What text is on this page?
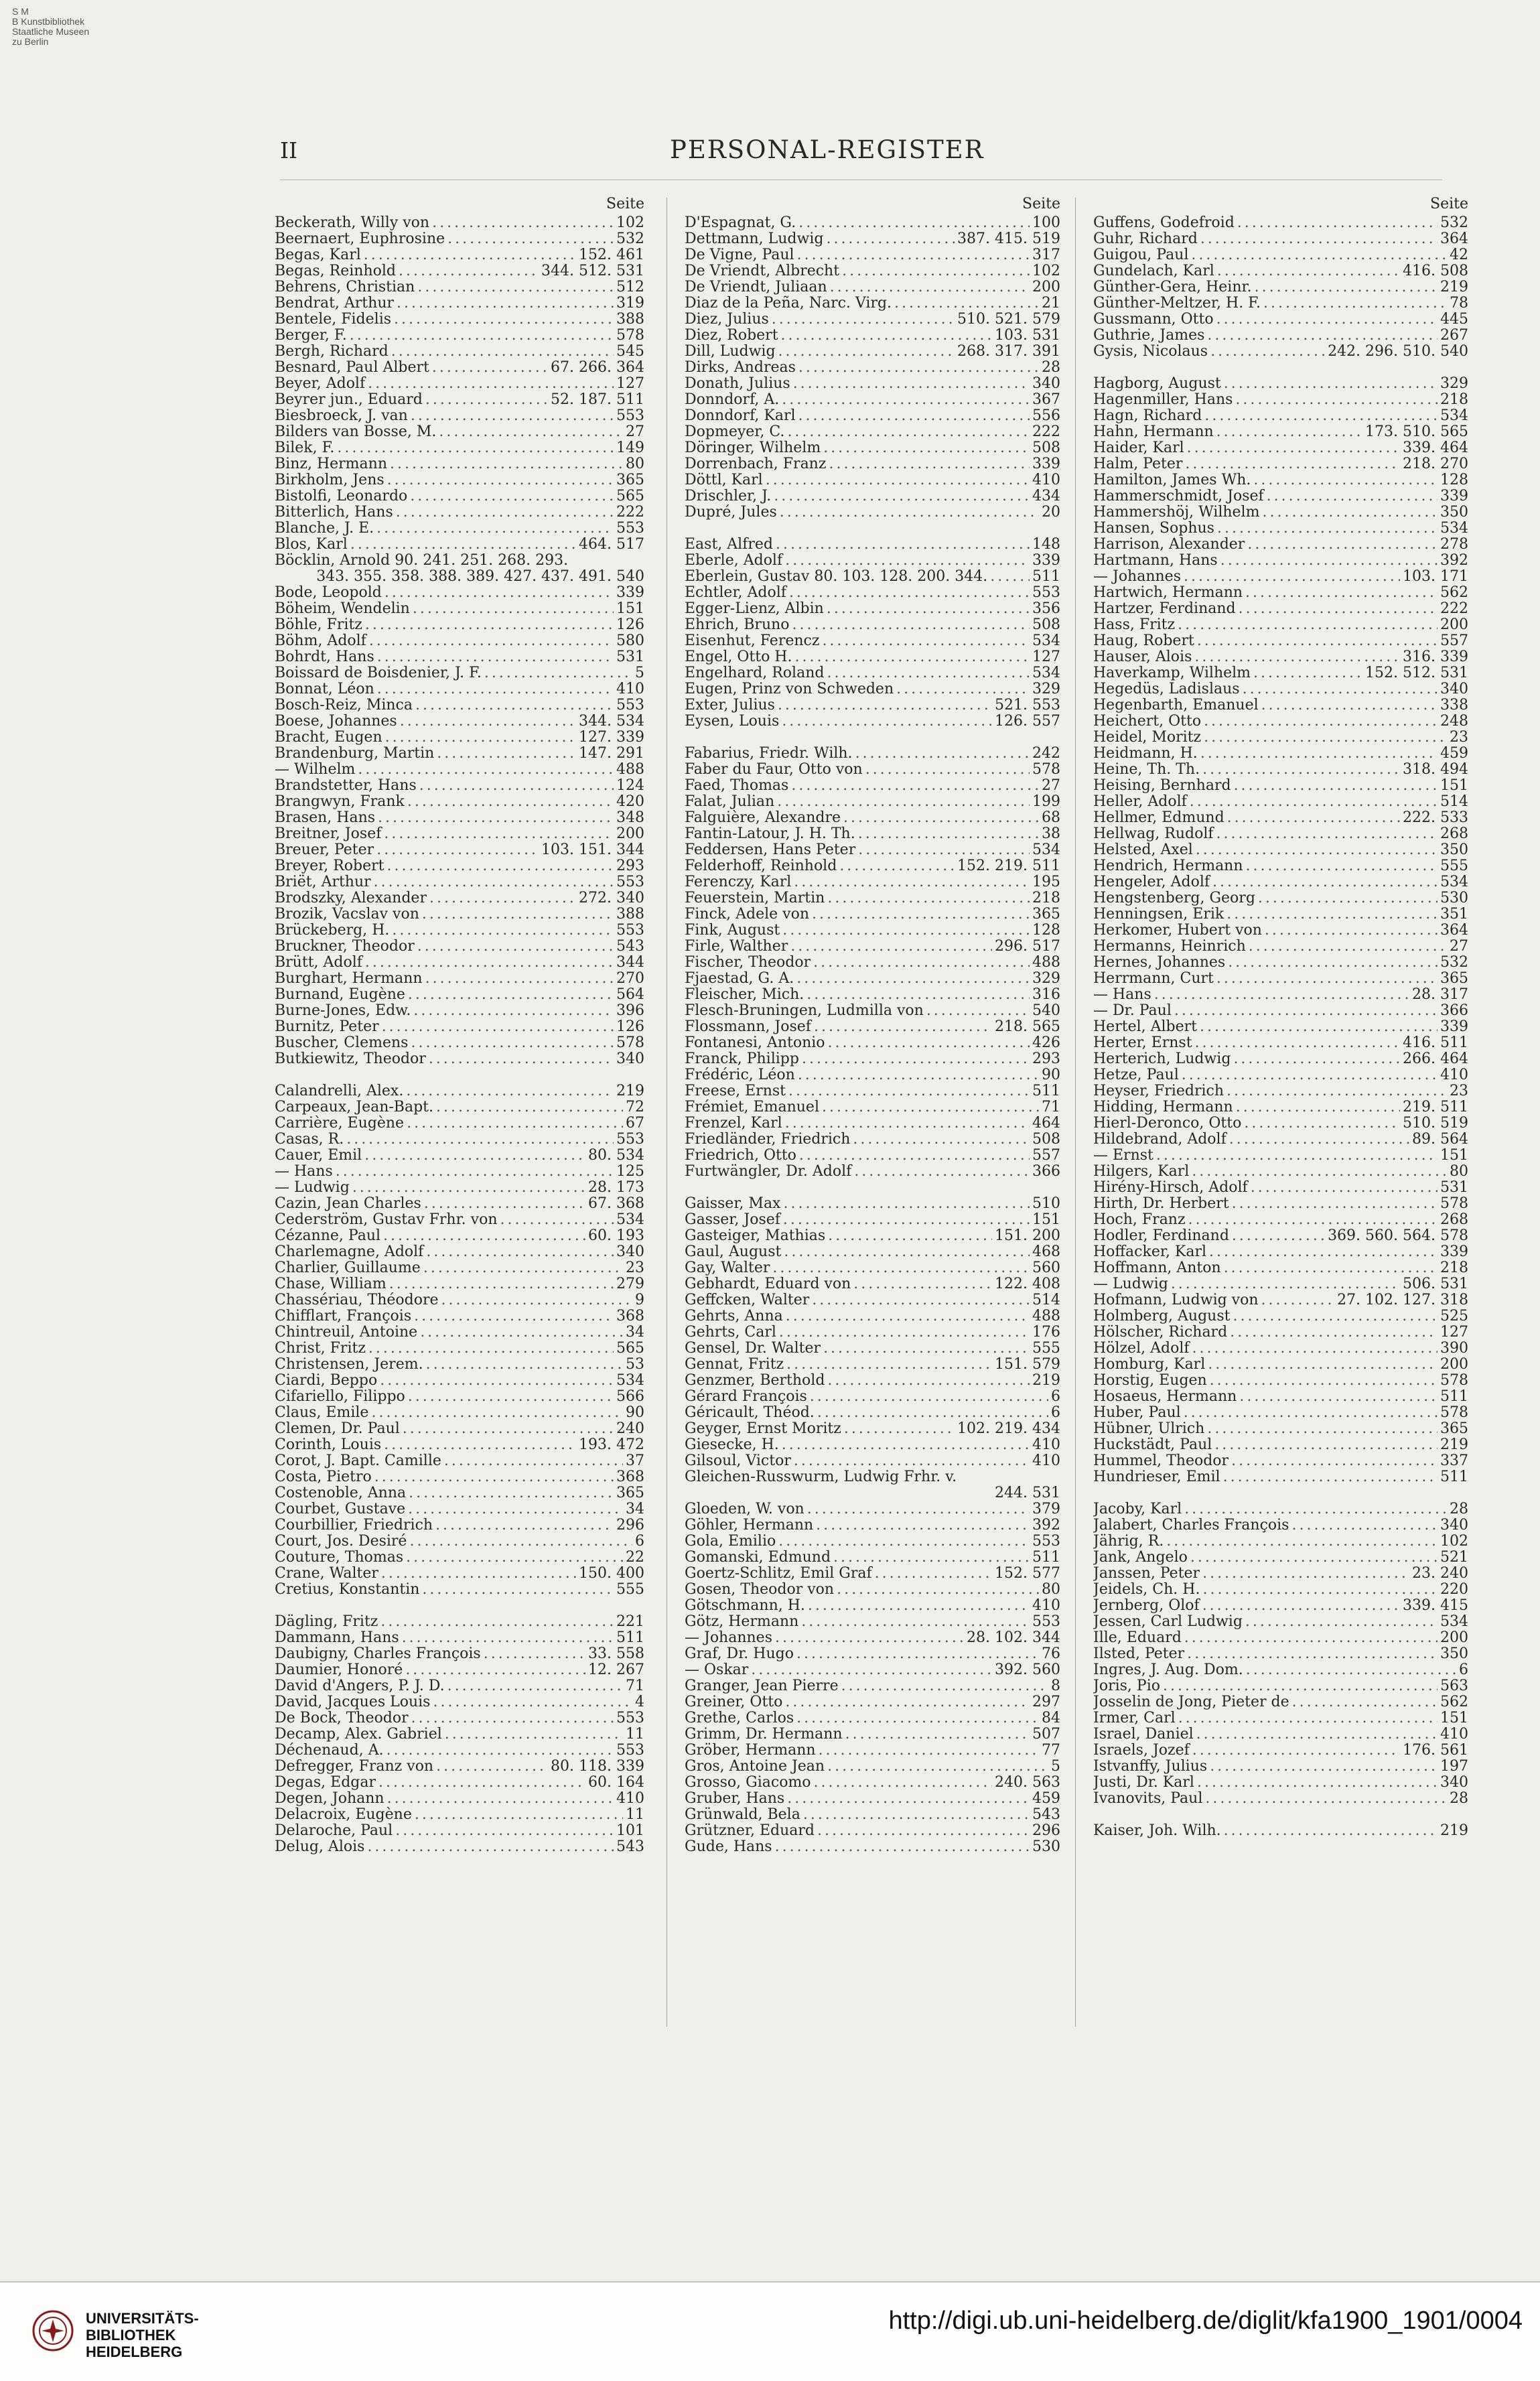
S M
B Kunstbibliothek
Staatliche Museen
zu Berlin
II	PERSONAL-REGISTER
Seite
Beckerath, Willy von .....	102
Beernaert, Euphrosine .....	532
Begas, Karl .....	152. 461
Begas, Reinhold .....	344. 512. 531
Behrens, Christian .....	512
Bendrat, Arthur .....	319
Bentele, Fidelis .....	388
Berger, F. .....	578
Bergh, Richard .....	545
Besnard, Paul Albert .....	67. 266. 364
Beyer, Adolf .....	127
Beyrer jun., Eduard .....	52. 187. 511
Biesbroeck, J. van .....	553
Bilders van Bosse, M. .....	27
Bilek, F. .....	149
Binz, Hermann .....	80
Birkholm, Jens .....	365
Bistolfi, Leonardo .....	565
Bitterlich, Hans .....	222
Blanche, J. E. .....	553
Blos, Karl .....	464. 517
Böcklin, Arnold 90. 241. 251. 268. 293.
343. 355. 358. 388. 389. 427. 437. 491. 540
Bode, Leopold .....	339
Böheim, Wendelin .....	151
Böhle, Fritz .....	126
Böhm, Adolf .....	580
Bohrdt, Hans .....	531
Boissard de Boisdenier, J. F. .....	5
Bonnat, Léon .....	410
Bosch-Reiz, Minca .....	553
Boese, Johannes .....	344. 534
Bracht, Eugen .....	127. 339
Brandenburg, Martin .....	147. 291
— Wilhelm .....	488
Brandstetter, Hans .....	124
Brangwyn, Frank .....	420
Brasen, Hans .....	348
Breitner, Josef .....	200
Breuer, Peter .....	103. 151. 344
Breyer, Robert .....	293
Briët, Arthur .....	553
Brodszky, Alexander .....	272. 340
Brozik, Vacslav von .....	388
Brückeberg, H. .....	553
Bruckner, Theodor .....	543
Brütt, Adolf .....	344
Burghart, Hermann .....	270
Burnand, Eugène .....	564
Burne-Jones, Edw. .....	396
Burnitz, Peter .....	126
Buscher, Clemens .....	578
Butkiewitz, Theodor .....	340
Calandrelli, Alex. .....	219
Carpeaux, Jean-Bapt. .....	72
Carrière, Eugène .....	67
Casas, R. .....	553
Cauer, Emil .....	80. 534
— Hans .....	125
— Ludwig .....	28. 173
Cazin, Jean Charles .....	67. 368
Cederström, Gustav Frhr. von .....	534
Cézanne, Paul .....	60. 193
Charlemagne, Adolf .....	340
Charlier, Guillaume .....	23
Chase, William .....	279
Chassériau, Théodore .....	9
Chifflart, François .....	368
Chintreuil, Antoine .....	34
Christ, Fritz .....	565
Christensen, Jerem. .....	53
Ciardi, Beppo .....	534
Cifariello, Filippo .....	566
Claus, Emile .....	90
Clemen, Dr. Paul .....	240
Corinth, Louis .....	193. 472
Corot, J. Bapt. Camille .....	37
Costa, Pietro .....	368
Costenoble, Anna .....	365
Courbet, Gustave .....	34
Courbillier, Friedrich .....	296
Court, Jos. Desiré .....	6
Couture, Thomas .....	22
Crane, Walter .....	150. 400
Cretius, Konstantin .....	555
Dägling, Fritz .....	221
Dammann, Hans .....	511
Daubigny, Charles François .....	33. 558
Daumier, Honoré .....	12. 267
David d'Angers, P. J. D. .....	71
David, Jacques Louis .....	4
De Bock, Theodor .....	553
Decamp, Alex. Gabriel .....	11
Déchenaud, A. .....	553
Defregger, Franz von .....	80. 118. 339
Degas, Edgar .....	60. 164
Degen, Johann .....	410
Delacroix, Eugène .....	11
Delaroche, Paul .....	101
Delug, Alois .....	543
Seite
D'Espagnat, G. .....	100
Dettmann, Ludwig .....	387. 415. 519
De Vigne, Paul .....	317
De Vriendt, Albrecht .....	102
De Vriendt, Juliaan .....	200
Diaz de la Peña, Narc. Virg. .....	21
Diez, Julius .....	510. 521. 579
Diez, Robert .....	103. 531
Dill, Ludwig .....	268. 317. 391
Dirks, Andreas .....	28
Donath, Julius .....	340
Donndorf, A. .....	367
Donndorf, Karl .....	556
Dopmeyer, C. .....	222
Döringer, Wilhelm .....	508
Dorrenbach, Franz .....	339
Döttl, Karl .....	410
Drischler, J. .....	434
Dupré, Jules .....	20
East, Alfred .....	148
Eberle, Adolf .....	339
Eberlein, Gustav 80. 103. 128. 200. 344. .....	511
Echtler, Adolf .....	553
Egger-Lienz, Albin .....	356
Ehrich, Bruno .....	508
Eisenhut, Ferencz .....	534
Engel, Otto H. .....	127
Engelhard, Roland .....	534
Eugen, Prinz von Schweden .....	329
Exter, Julius .....	521. 553
Eysen, Louis .....	126. 557
Fabarius, Friedr. Wilh. .....	242
Faber du Faur, Otto von .....	578
Faed, Thomas .....	27
Falat, Julian .....	199
Falguière, Alexandre .....	68
Fantin-Latour, J. H. Th. .....	38
Feddersen, Hans Peter .....	534
Felderhoff, Reinhold .....	152. 219. 511
Ferenczy, Karl .....	195
Feuerstein, Martin .....	218
Finck, Adele von .....	365
Fink, August .....	128
Firle, Walther .....	296. 517
Fischer, Theodor .....	488
Fjaestad, G. A. .....	329
Fleischer, Mich. .....	316
Flesch-Bruningen, Ludmilla von .....	540
Flossmann, Josef .....	218. 565
Fontanesi, Antonio .....	426
Franck, Philipp .....	293
Frédéric, Léon .....	90
Freese, Ernst .....	511
Frémiet, Emanuel .....	71
Frenzel, Karl .....	464
Friedländer, Friedrich .....	508
Friedrich, Otto .....	557
Furtwängler, Dr. Adolf .....	366
Gaisser, Max .....	510
Gasser, Josef .....	151
Gasteiger, Mathias .....	151. 200
Gaul, August .....	468
Gay, Walter .....	560
Gebhardt, Eduard von .....	122. 408
Geffcken, Walter .....	514
Gehrts, Anna .....	488
Gehrts, Carl .....	176
Gensel, Dr. Walter .....	555
Gennat, Fritz .....	151. 579
Genzmer, Berthold .....	219
Gérard François .....	6
Géricault, Théod. .....	6
Geyger, Ernst Moritz .....	102. 219. 434
Giesecke, H. .....	410
Gilsoul, Victor .....	410
Gleichen-Russwurm, Ludwig Frhr. v.
244. 531
Gloeden, W. von .....	379
Göhler, Hermann .....	392
Gola, Emilio .....	553
Gomanski, Edmund .....	511
Goertz-Schlitz, Emil Graf .....	152. 577
Gosen, Theodor von .....	80
Götschmann, H. .....	410
Götz, Hermann .....	553
— Johannes .....	28. 102. 344
Graf, Dr. Hugo .....	76
— Oskar .....	392. 560
Granger, Jean Pierre .....	8
Greiner, Otto .....	297
Grethe, Carlos .....	84
Grimm, Dr. Hermann .....	507
Gröber, Hermann .....	77
Gros, Antoine Jean .....	5
Grosso, Giacomo .....	240. 563
Gruber, Hans .....	459
Grünwald, Bela .....	543
Grützner, Eduard .....	296
Gude, Hans .....	530
Seite
Guffens, Godefroid .....	532
Guhr, Richard .....	364
Guigou, Paul .....	42
Gundelach, Karl .....	416. 508
Günther-Gera, Heinr. .....	219
Günther-Meltzer, H. F. .....	78
Gussmann, Otto .....	445
Guthrie, James .....	267
Gysis, Nicolaus .....	242. 296. 510. 540
Hagborg, August .....	329
Hagenmiller, Hans .....	218
Hagn, Richard .....	534
Hahn, Hermann .....	173. 510. 565
Haider, Karl .....	339. 464
Halm, Peter .....	218. 270
Hamilton, James Wh. .....	128
Hammerschmidt, Josef .....	339
Hammershöj, Wilhelm .....	350
Hansen, Sophus .....	534
Harrison, Alexander .....	278
Hartmann, Hans .....	392
— Johannes .....	103. 171
Hartwich, Hermann .....	562
Hartzer, Ferdinand .....	222
Hass, Fritz .....	200
Haug, Robert .....	557
Hauser, Alois .....	316. 339
Haverkamp, Wilhelm .....	152. 512. 531
Hegedüs, Ladislaus .....	340
Hegenbarth, Emanuel .....	338
Heichert, Otto .....	248
Heidel, Moritz .....	23
Heidmann, H. .....	459
Heine, Th. Th. .....	318. 494
Heising, Bernhard .....	151
Heller, Adolf .....	514
Hellmer, Edmund .....	222. 533
Hellwag, Rudolf .....	268
Helsted, Axel .....	350
Hendrich, Hermann .....	555
Hengeler, Adolf .....	534
Hengstenberg, Georg .....	530
Henningsen, Erik .....	351
Herkomer, Hubert von .....	364
Hermanns, Heinrich .....	27
Hernes, Johannes .....	532
Herrmann, Curt .....	365
— Hans .....	28. 317
— Dr. Paul .....	366
Hertel, Albert .....	339
Herter, Ernst .....	416. 511
Herterich, Ludwig .....	266. 464
Hetze, Paul .....	410
Heyser, Friedrich .....	23
Hidding, Hermann .....	219. 511
Hierl-Deronco, Otto .....	510. 519
Hildebrand, Adolf .....	89. 564
— Ernst .....	151
Hilgers, Karl .....	80
Hirény-Hirsch, Adolf .....	531
Hirth, Dr. Herbert .....	578
Hoch, Franz .....	268
Hodler, Ferdinand .....	369. 560. 564. 578
Hoffacker, Karl .....	339
Hoffmann, Anton .....	218
— Ludwig .....	506. 531
Hofmann, Ludwig von .....	27. 102. 127. 318
Holmberg, August .....	525
Hölscher, Richard .....	127
Hölzel, Adolf .....	390
Homburg, Karl .....	200
Horstig, Eugen .....	578
Hosaeus, Hermann .....	511
Huber, Paul .....	578
Hübner, Ulrich .....	365
Huckstädt, Paul .....	219
Hummel, Theodor .....	337
Hundrieser, Emil .....	511
Jacoby, Karl .....	28
Jalabert, Charles François .....	340
Jährig, R. .....	102
Jank, Angelo .....	521
Janssen, Peter .....	23. 240
Jeidels, Ch. H. .....	220
Jernberg, Olof .....	339. 415
Jessen, Carl Ludwig .....	534
Ille, Eduard .....	200
Ilsted, Peter .....	350
Ingres, J. Aug. Dom. .....	6
Joris, Pio .....	563
Josselin de Jong, Pieter de .....	562
Irmer, Carl .....	151
Israel, Daniel .....	410
Israels, Jozef .....	176. 561
Istvanffy, Julius .....	197
Justi, Dr. Karl .....	340
Ivanovits, Paul .....	28
Kaiser, Joh. Wilh. .....	219
UNIVERSITÄTS-
BIBLIOTHEK
HEIDELBERG
http://digi.ub.uni-heidelberg.de/diglit/kfa1900_1901/0004
